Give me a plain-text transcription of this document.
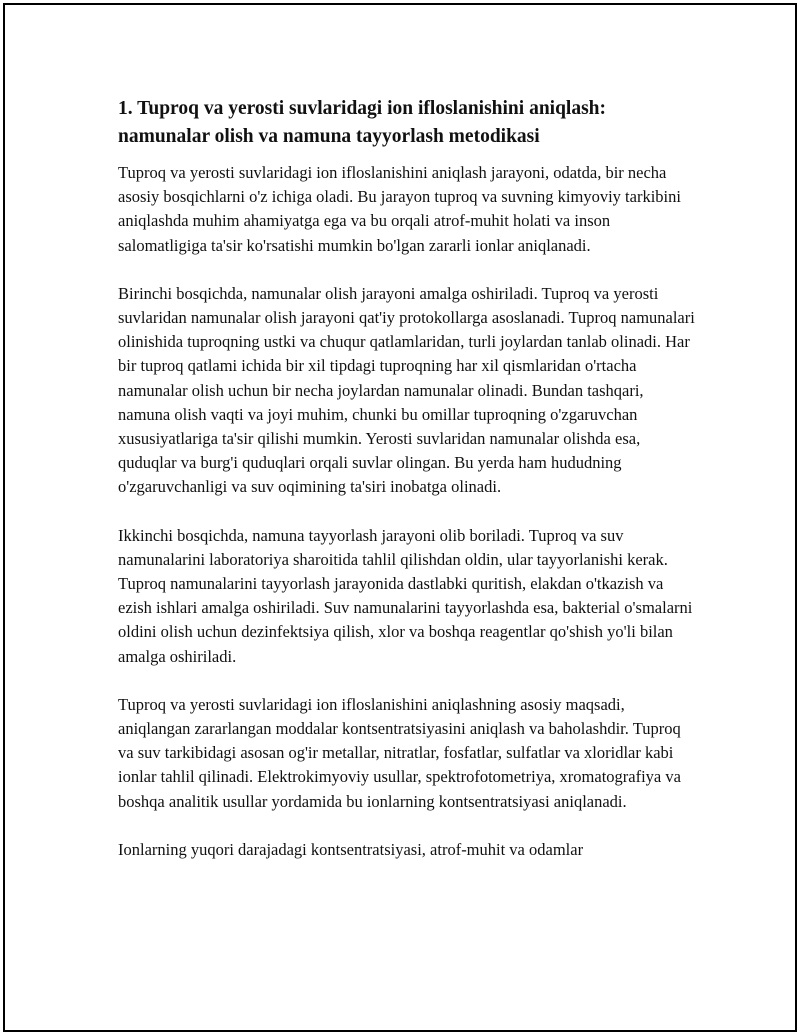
1. Tuproq va yerosti suvlaridagi ion ifloslanishini aniqlash: namunalar olish va namuna tayyorlash metodikasi

Tuproq va yerosti suvlaridagi ion ifloslanishini aniqlash jarayoni, odatda, bir necha asosiy bosqichlarni o'z ichiga oladi. Bu jarayon tuproq va suvning kimyoviy tarkibini aniqlashda muhim ahamiyatga ega va bu orqali atrof-muhit holati va inson salomatligiga ta'sir ko'rsatishi mumkin bo'lgan zararli ionlar aniqlanadi.

Birinchi bosqichda, namunalar olish jarayoni amalga oshiriladi. Tuproq va yerosti suvlaridan namunalar olish jarayoni qat'iy protokollarga asoslanadi. Tuproq namunalari olinishida tuproqning ustki va chuqur qatlamlaridan, turli joylardan tanlab olinadi. Har bir tuproq qatlami ichida bir xil tipdagi tuproqning har xil qismlaridan o'rtacha namunalar olish uchun bir necha joylardan namunalar olinadi. Bundan tashqari, namuna olish vaqti va joyi muhim, chunki bu omillar tuproqning o'zgaruvchan xususiyatlariga ta'sir qilishi mumkin. Yerosti suvlaridan namunalar olishda esa, quduqlar va burg'i quduqlari orqali suvlar olingan. Bu yerda ham hududning o'zgaruvchanligi va suv oqimining ta'siri inobatga olinadi.

Ikkinchi bosqichda, namuna tayyorlash jarayoni olib boriladi. Tuproq va suv namunalarini laboratoriya sharoitida tahlil qilishdan oldin, ular tayyorlanishi kerak. Tuproq namunalarini tayyorlash jarayonida dastlabki quritish, elakdan o'tkazish va ezish ishlari amalga oshiriladi. Suv namunalarini tayyorlashda esa, bakterial o'smalarni oldini olish uchun dezinfektsiya qilish, xlor va boshqa reagentlar qo'shish yo'li bilan amalga oshiriladi.

Tuproq va yerosti suvlaridagi ion ifloslanishini aniqlashning asosiy maqsadi, aniqlangan zararlangan moddalar kontsentratsiyasini aniqlash va baholashdir. Tuproq va suv tarkibidagi asosan og'ir metallar, nitratlar, fosfatlar, sulfatlar va xloridlar kabi ionlar tahlil qilinadi. Elektrokimyoviy usullar, spektrofotometriya, xromatografiya va boshqa analitik usullar yordamida bu ionlarning kontsentratsiyasi aniqlanadi.

Ionlarning yuqori darajadagi kontsentratsiyasi, atrof-muhit va odamlar
